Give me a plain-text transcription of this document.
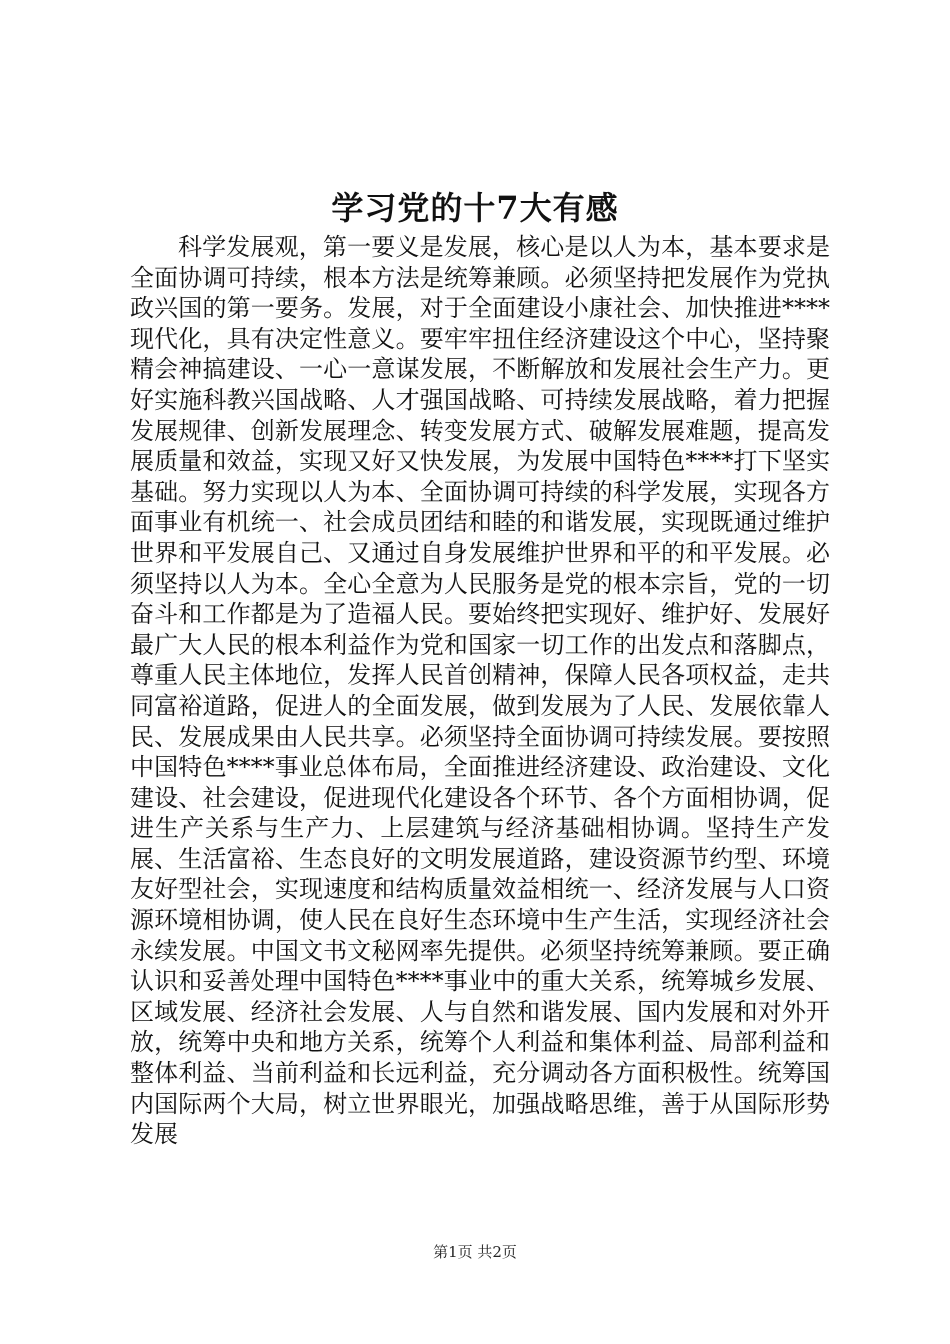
学习党的十7大有感

科学发展观，第一要义是发展，核心是以人为本，基本要求是全面协调可持续，根本方法是统筹兼顾。必须坚持把发展作为党执政兴国的第一要务。发展，对于全面建设小康社会、加快推进****现代化，具有决定性意义。要牢牢扭住经济建设这个中心，坚持聚精会神搞建设、一心一意谋发展，不断解放和发展社会生产力。更好实施科教兴国战略、人才强国战略、可持续发展战略，着力把握发展规律、创新发展理念、转变发展方式、破解发展难题，提高发展质量和效益，实现又好又快发展，为发展中国特色****打下坚实基础。努力实现以人为本、全面协调可持续的科学发展，实现各方面事业有机统一、社会成员团结和睦的和谐发展，实现既通过维护世界和平发展自己、又通过自身发展维护世界和平的和平发展。必须坚持以人为本。全心全意为人民服务是党的根本宗旨，党的一切奋斗和工作都是为了造福人民。要始终把实现好、维护好、发展好最广大人民的根本利益作为党和国家一切工作的出发点和落脚点，尊重人民主体地位，发挥人民首创精神，保障人民各项权益，走共同富裕道路，促进人的全面发展，做到发展为了人民、发展依靠人民、发展成果由人民共享。必须坚持全面协调可持续发展。要按照中国特色****事业总体布局，全面推进经济建设、政治建设、文化建设、社会建设，促进现代化建设各个环节、各个方面相协调，促进生产关系与生产力、上层建筑与经济基础相协调。坚持生产发展、生活富裕、生态良好的文明发展道路，建设资源节约型、环境友好型社会，实现速度和结构质量效益相统一、经济发展与人口资源环境相协调，使人民在良好生态环境中生产生活，实现经济社会永续发展。中国文书文秘网率先提供。必须坚持统筹兼顾。要正确认识和妥善处理中国特色****事业中的重大关系，统筹城乡发展、区域发展、经济社会发展、人与自然和谐发展、国内发展和对外开放，统筹中央和地方关系，统筹个人利益和集体利益、局部利益和整体利益、当前利益和长远利益，充分调动各方面积极性。统筹国内国际两个大局，树立世界眼光，加强战略思维，善于从国际形势发展

第1页 共2页
